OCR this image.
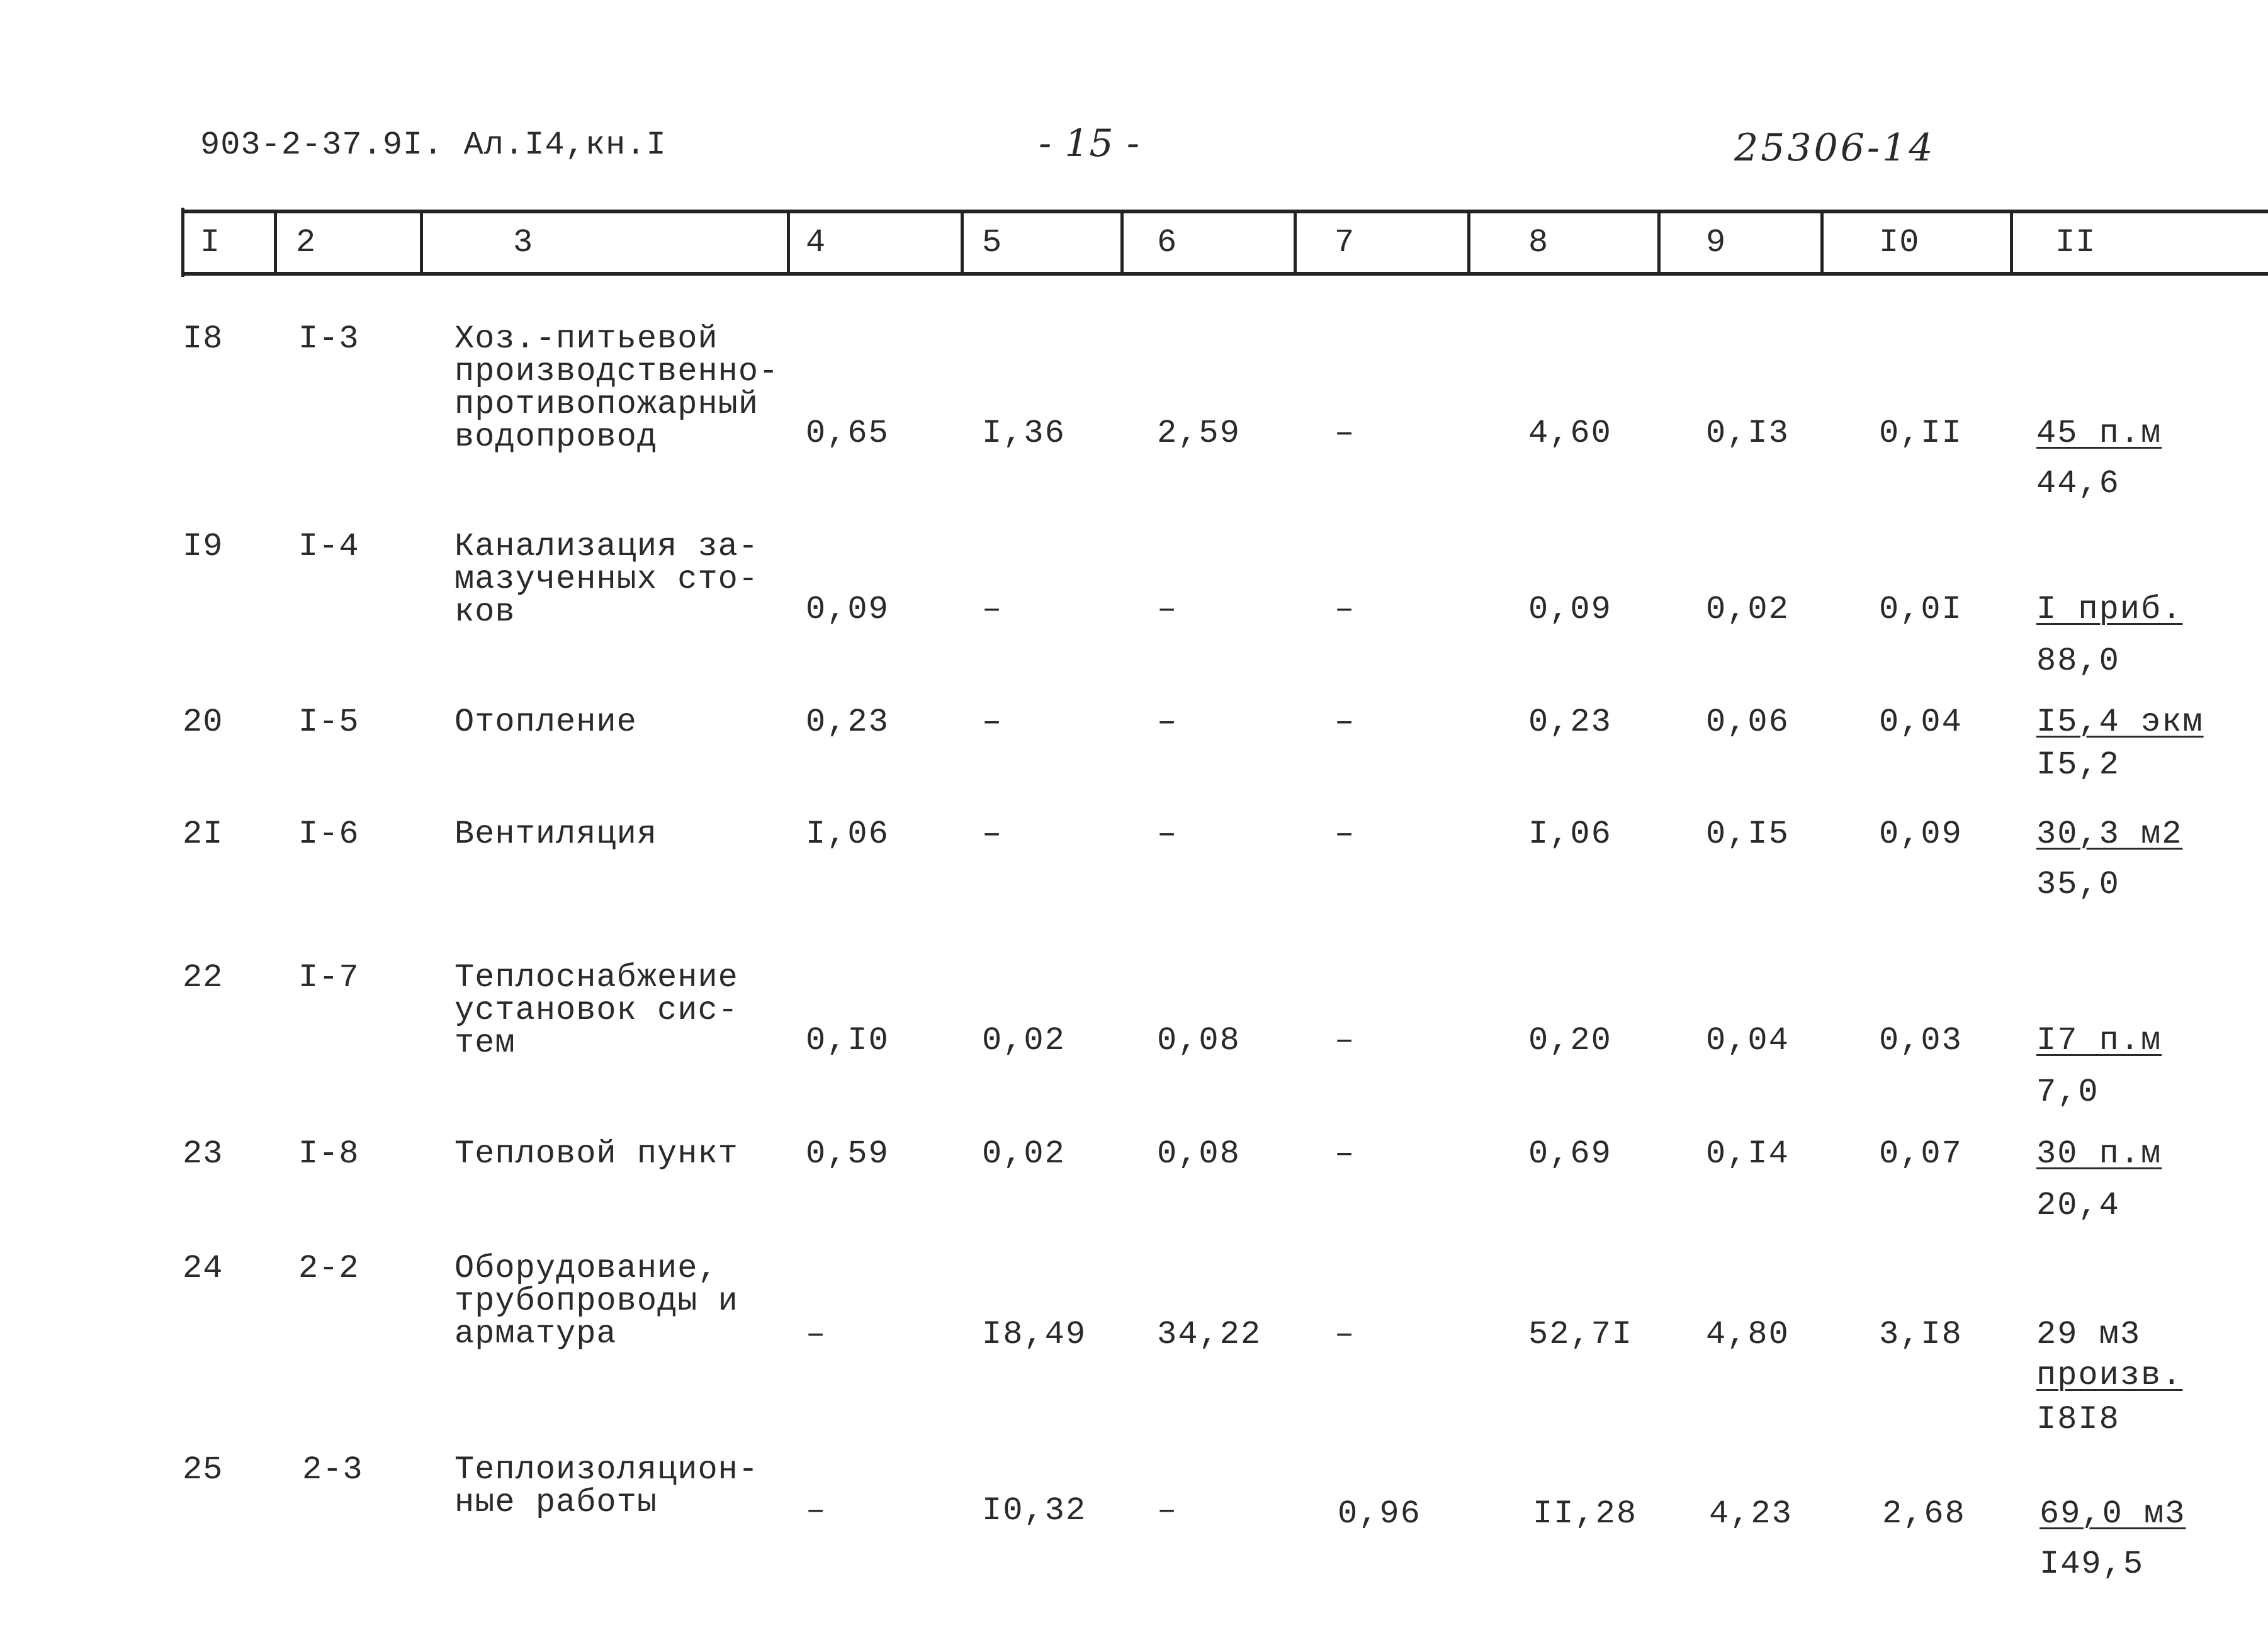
903-2-37.9I. Ал.I4,кн.I	- 15 -	25306-14
I 2	3	4	5	6	7	8	9	I0	II
I8 I-3	Хоз.-питьевой
производственно-
противопожарный
водопровод	0,65	I,36	2,59	–	4,60	0,I3	0,II 45 п.м
44,6
I9 I-4	Канализация за-
мазученных сто-
ков	0,09	–	–	–	0,09	0,02	0,0I I приб.
88,0
20 I-5	Отопление	0,23	–	–	–	0,23	0,06	0,04 I5,4 экм
I5,2
2I I-6	Вентиляция	I,06	–	–	–	I,06	0,I5	0,09 30,3 м2
35,0
22 I-7	Теплоснабжение
установок сис-
тем	0,I0	0,02	0,08	–	0,20	0,04	0,03 I7 п.м
7,0
23 I-8	Тепловой пункт 0,59	0,02	0,08	–	0,69	0,I4	0,07 30 п.м
20,4
24 2-2	Оборудование,
трубопроводы и
арматура	–	I8,49 34,22 –	52,7I 4,80	3,I8 29 м3
произв.
I8I8
25 2-3	Теплоизоляцион-
ные работы	–	I0,32 –	0,96	II,28 4,23	2,68 69,0 м3
I49,5
